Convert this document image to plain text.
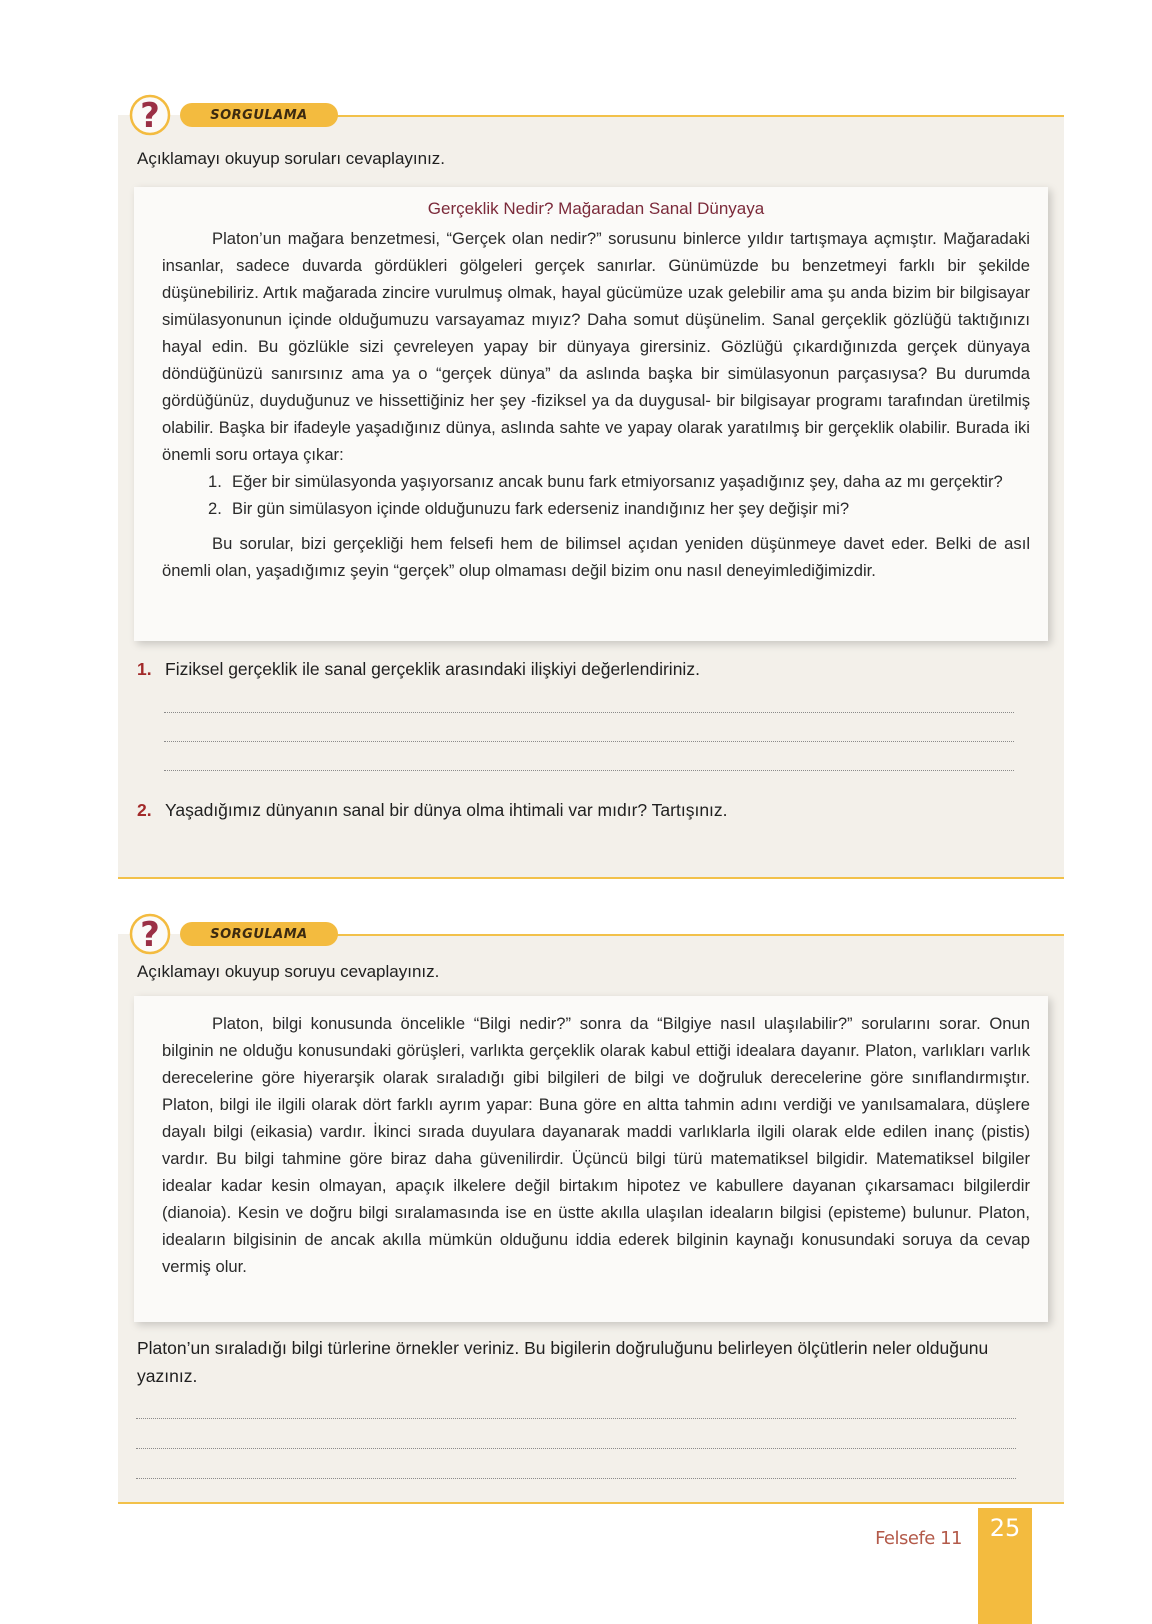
?	SORGULAMA
Açıklamayı okuyup soruları cevaplayınız.
Gerçeklik Nedir? Mağaradan Sanal Dünyaya

Platon’un mağara benzetmesi, “Gerçek olan nedir?” sorusunu binlerce yıldır tartışmaya açmıştır. Mağaradaki insanlar, sadece duvarda gördükleri gölgeleri gerçek sanırlar. Günümüzde bu benzetmeyi farklı bir şekilde düşünebiliriz. Artık mağarada zincire vurulmuş olmak, hayal gücümüze uzak gelebilir ama şu anda bizim bir bilgisayar simülasyonunun içinde olduğumuzu varsayamaz mıyız? Daha somut düşünelim. Sanal gerçeklik gözlüğü taktığınızı hayal edin. Bu gözlükle sizi çevreleyen yapay bir dünyaya girersiniz. Gözlüğü çıkardığınızda gerçek dünyaya döndüğünüzü sanırsınız ama ya o “gerçek dünya” da aslında başka bir simülasyonun parçasıysa? Bu durumda gördüğünüz, duyduğunuz ve hissettiğiniz her şey -fiziksel ya da duygusal- bir bilgisayar programı tarafından üretilmiş olabilir. Başka bir ifadeyle yaşadığınız dünya, aslında sahte ve yapay olarak yaratılmış bir gerçeklik olabilir. Burada iki önemli soru ortaya çıkar:

1. Eğer bir simülasyonda yaşıyorsanız ancak bunu fark etmiyorsanız yaşadığınız şey, daha az mı gerçektir?
2. Bir gün simülasyon içinde olduğunuzu fark ederseniz inandığınız her şey değişir mi?

Bu sorular, bizi gerçekliği hem felsefi hem de bilimsel açıdan yeniden düşünmeye davet eder. Belki de asıl önemli olan, yaşadığımız şeyin “gerçek” olup olmaması değil bizim onu nasıl deneyimlediğimizdir.

1. Fiziksel gerçeklik ile sanal gerçeklik arasındaki ilişkiyi değerlendiriniz.
2. Yaşadığımız dünyanın sanal bir dünya olma ihtimali var mıdır? Tartışınız.
?	SORGULAMA
Açıklamayı okuyup soruyu cevaplayınız.

Platon, bilgi konusunda öncelikle “Bilgi nedir?” sonra da “Bilgiye nasıl ulaşılabilir?” sorularını sorar. Onun bilginin ne olduğu konusundaki görüşleri, varlıkta gerçeklik olarak kabul ettiği idealara dayanır. Platon, varlıkları varlık derecelerine göre hiyerarşik olarak sıraladığı gibi bilgileri de bilgi ve doğruluk derecelerine göre sınıflandırmıştır. Platon, bilgi ile ilgili olarak dört farklı ayrım yapar: Buna göre en altta tahmin adını verdiği ve yanılsamalara, düşlere dayalı bilgi (eikasia) vardır. İkinci sırada duyulara dayanarak maddi varlıklarla ilgili olarak elde edilen inanç (pistis) vardır. Bu bilgi tahmine göre biraz daha güvenilirdir. Üçüncü bilgi türü matematiksel bilgidir. Matematiksel bilgiler idealar kadar kesin olmayan, apaçık ilkelere değil birtakım hipotez ve kabullere dayanan çıkarsamacı bilgilerdir (dianoia). Kesin ve doğru bilgi sıralamasında ise en üstte akılla ulaşılan ideaların bilgisi (episteme) bulunur. Platon, ideaların bilgisinin de ancak akılla mümkün olduğunu iddia ederek bilginin kaynağı konusundaki soruya da cevap vermiş olur.

Platon’un sıraladığı bilgi türlerine örnekler veriniz. Bu bigilerin doğruluğunu belirleyen ölçütlerin neler olduğunu yazınız.
Felsefe 11	25
